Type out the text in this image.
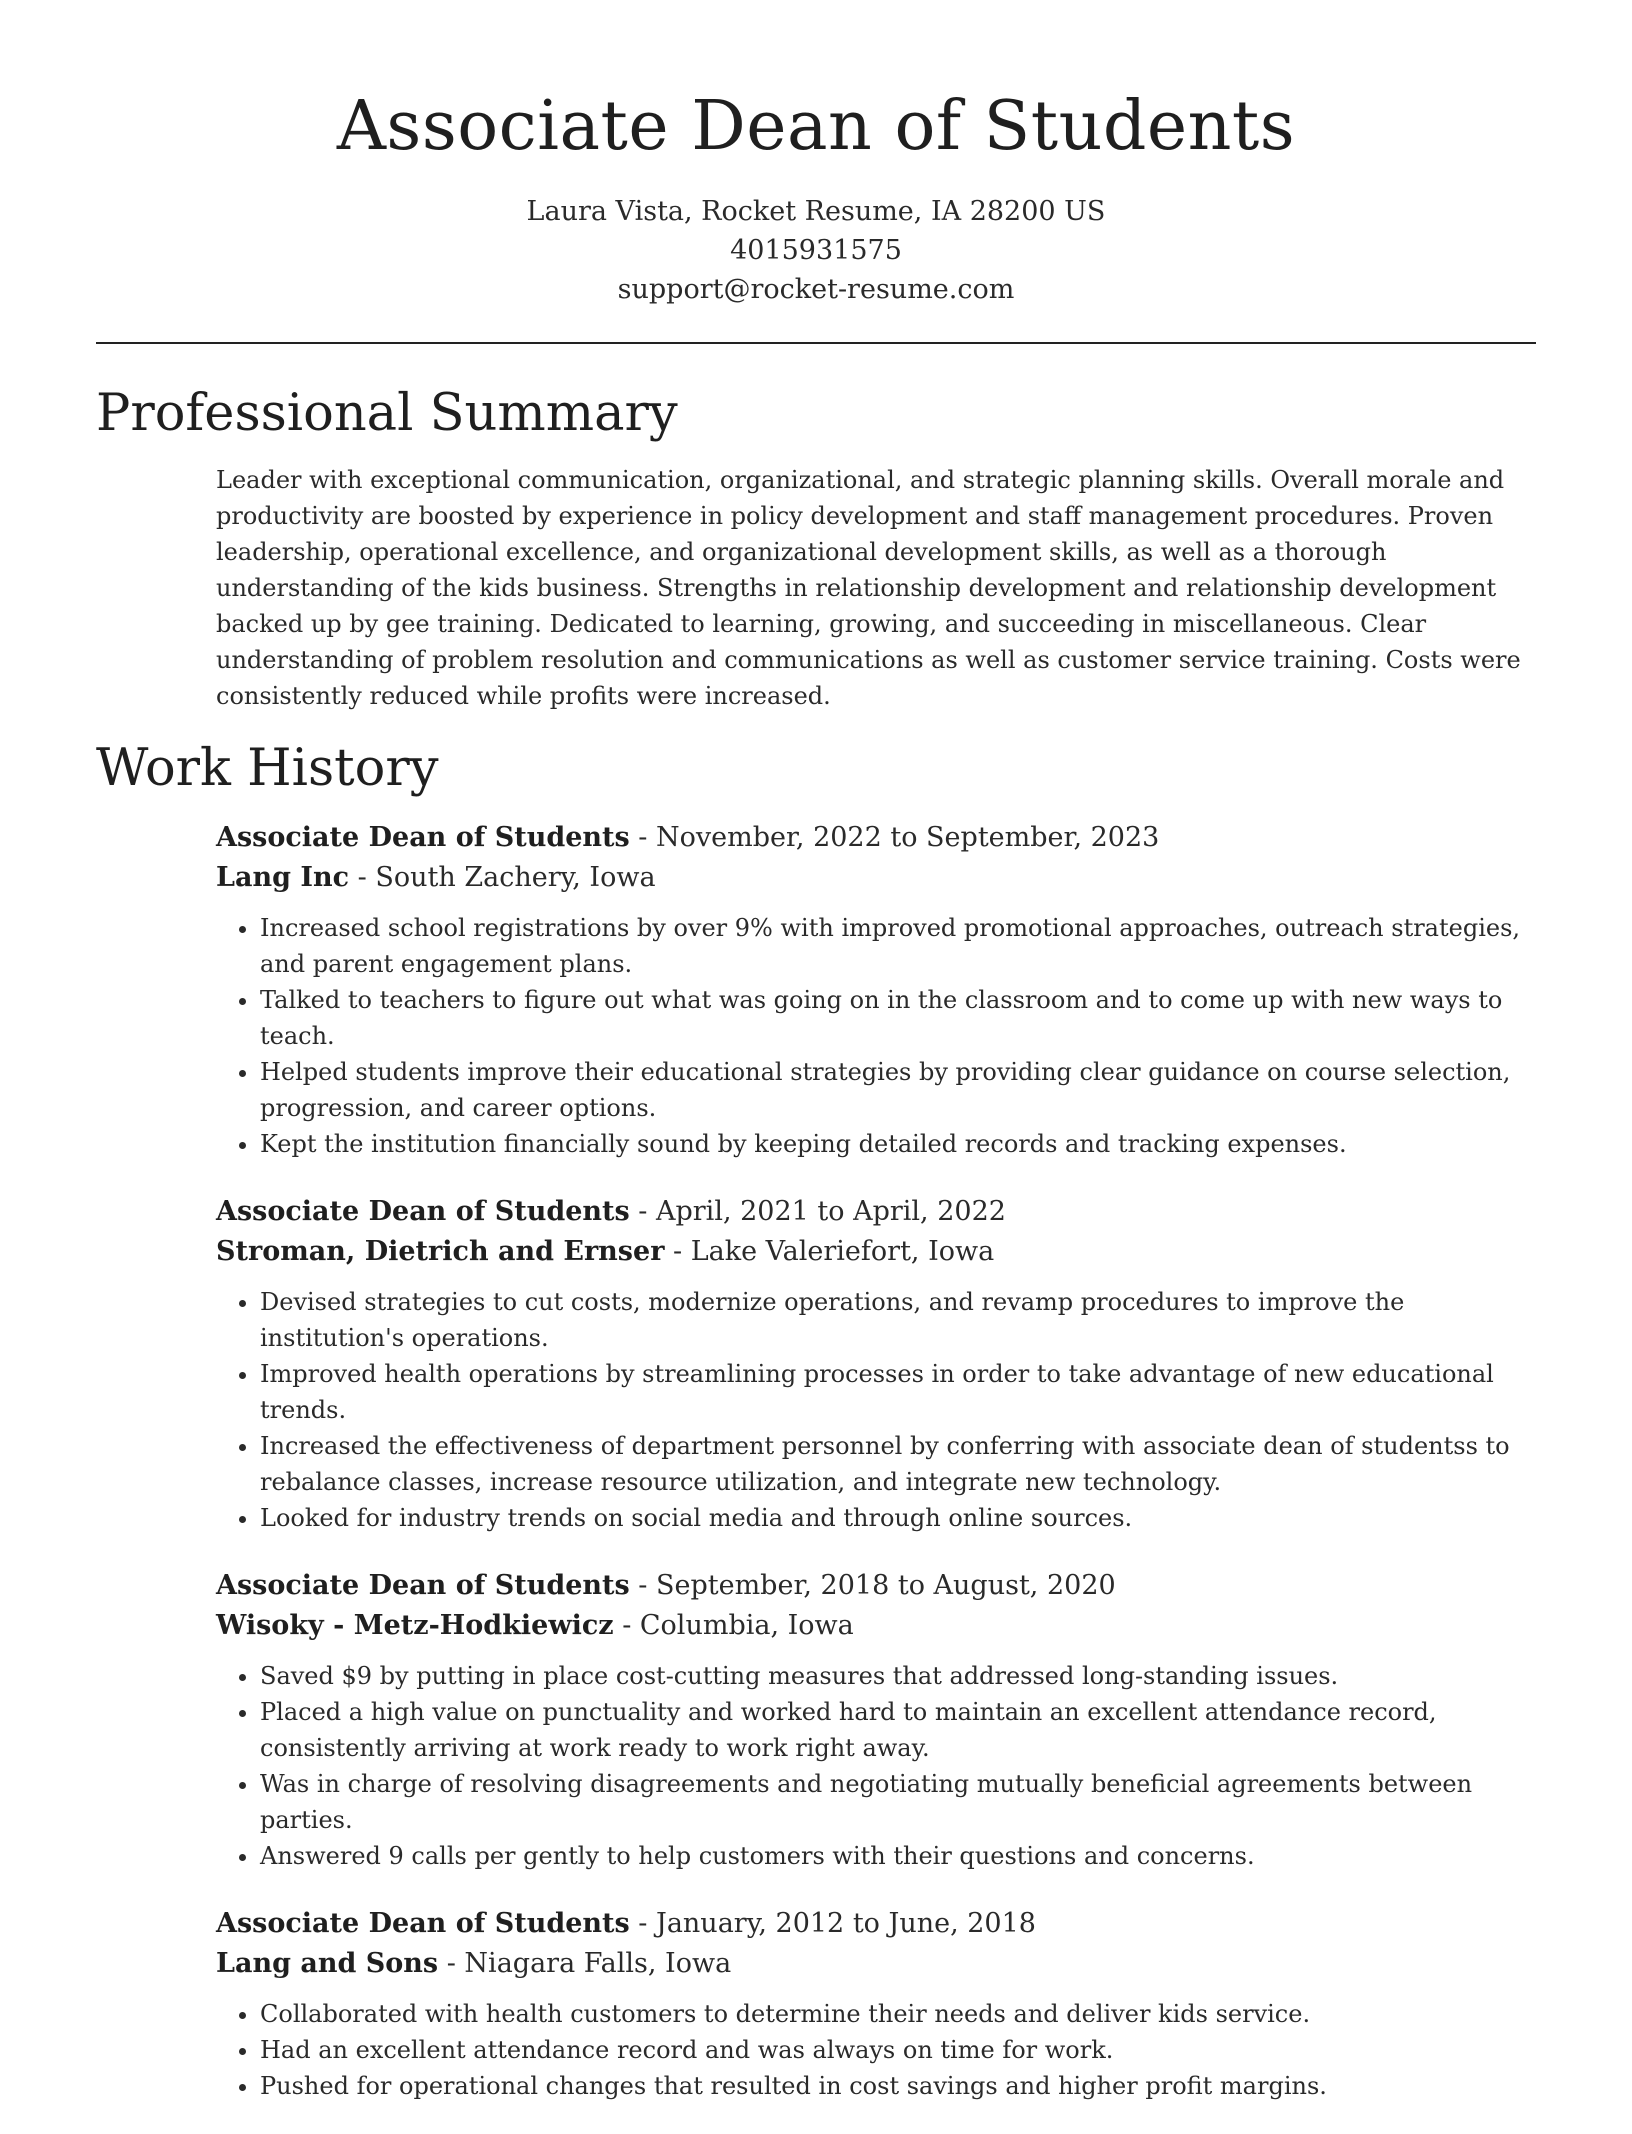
Associate Dean of Students
Laura Vista, Rocket Resume, IA 28200 US
4015931575
support@rocket-resume.com
Professional Summary

Leader with exceptional communication, organizational, and strategic planning skills. Overall morale and productivity are boosted by experience in policy development and staff management procedures. Proven leadership, operational excellence, and organizational development skills, as well as a thorough understanding of the kids business. Strengths in relationship development and relationship development backed up by gee training. Dedicated to learning, growing, and succeeding in miscellaneous. Clear understanding of problem resolution and communications as well as customer service training. Costs were consistently reduced while profits were increased.

Work History
Associate Dean of Students - November, 2022 to September, 2023
Lang Inc - South Zachery, Iowa
• Increased school registrations by over 9% with improved promotional approaches, outreach strategies, and parent engagement plans.
• Talked to teachers to figure out what was going on in the classroom and to come up with new ways to teach.
• Helped students improve their educational strategies by providing clear guidance on course selection, progression, and career options.
• Kept the institution financially sound by keeping detailed records and tracking expenses.
Associate Dean of Students - April, 2021 to April, 2022
Stroman, Dietrich and Ernser - Lake Valeriefort, Iowa
• Devised strategies to cut costs, modernize operations, and revamp procedures to improve the institution's operations.
• Improved health operations by streamlining processes in order to take advantage of new educational trends.
• Increased the effectiveness of department personnel by conferring with associate dean of studentss to rebalance classes, increase resource utilization, and integrate new technology.
• Looked for industry trends on social media and through online sources.
Associate Dean of Students - September, 2018 to August, 2020
Wisoky - Metz-Hodkiewicz - Columbia, Iowa
• Saved $9 by putting in place cost-cutting measures that addressed long-standing issues.
• Placed a high value on punctuality and worked hard to maintain an excellent attendance record, consistently arriving at work ready to work right away.
• Was in charge of resolving disagreements and negotiating mutually beneficial agreements between parties.
• Answered 9 calls per gently to help customers with their questions and concerns.
Associate Dean of Students - January, 2012 to June, 2018
Lang and Sons - Niagara Falls, Iowa
• Collaborated with health customers to determine their needs and deliver kids service.
• Had an excellent attendance record and was always on time for work.
• Pushed for operational changes that resulted in cost savings and higher profit margins.
